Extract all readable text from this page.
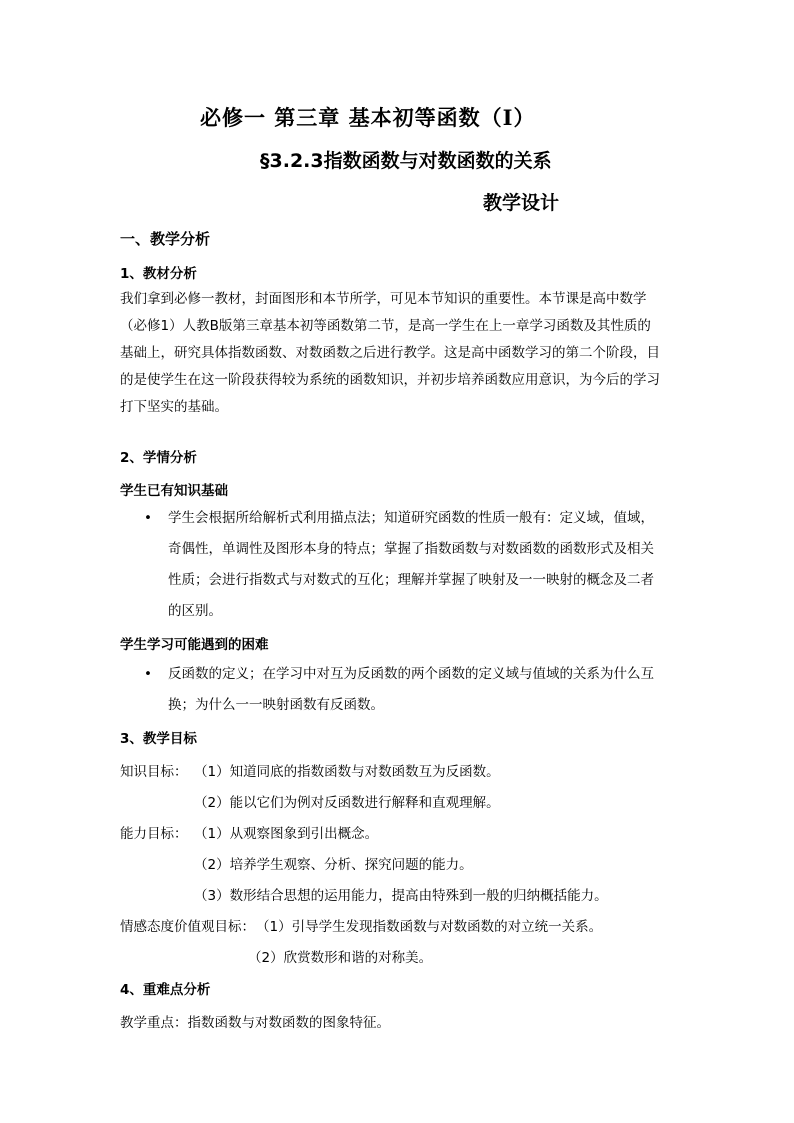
必修一 第三章 基本初等函数（Ⅰ）
§3.2.3指数函数与对数函数的关系
教学设计
一、教学分析
1、教材分析
我们拿到必修一教材，封面图形和本节所学，可见本节知识的重要性。本节课是高中数学
（必修1）人教B版第三章基本初等函数第二节，是高一学生在上一章学习函数及其性质的
基础上，研究具体指数函数、对数函数之后进行教学。这是高中函数学习的第二个阶段，目
的是使学生在这一阶段获得较为系统的函数知识，并初步培养函数应用意识，为今后的学习
打下坚实的基础。
2、学情分析
学生已有知识基础
• 学生会根据所给解析式利用描点法；知道研究函数的性质一般有：定义域，值域，
奇偶性，单调性及图形本身的特点；掌握了指数函数与对数函数的函数形式及相关
性质；会进行指数式与对数式的互化；理解并掌握了映射及一一映射的概念及二者
的区别。
学生学习可能遇到的困难
• 反函数的定义；在学习中对互为反函数的两个函数的定义域与值域的关系为什么互
换；为什么一一映射函数有反函数。
3、教学目标
知识目标： （1）知道同底的指数函数与对数函数互为反函数。
（2）能以它们为例对反函数进行解释和直观理解。
能力目标： （1）从观察图象到引出概念。
（2）培养学生观察、分析、探究问题的能力。
（3）数形结合思想的运用能力，提高由特殊到一般的归纳概括能力。
情感态度价值观目标： （1）引导学生发现指数函数与对数函数的对立统一关系。
（2）欣赏数形和谐的对称美。
4、重难点分析
教学重点：指数函数与对数函数的图象特征。
